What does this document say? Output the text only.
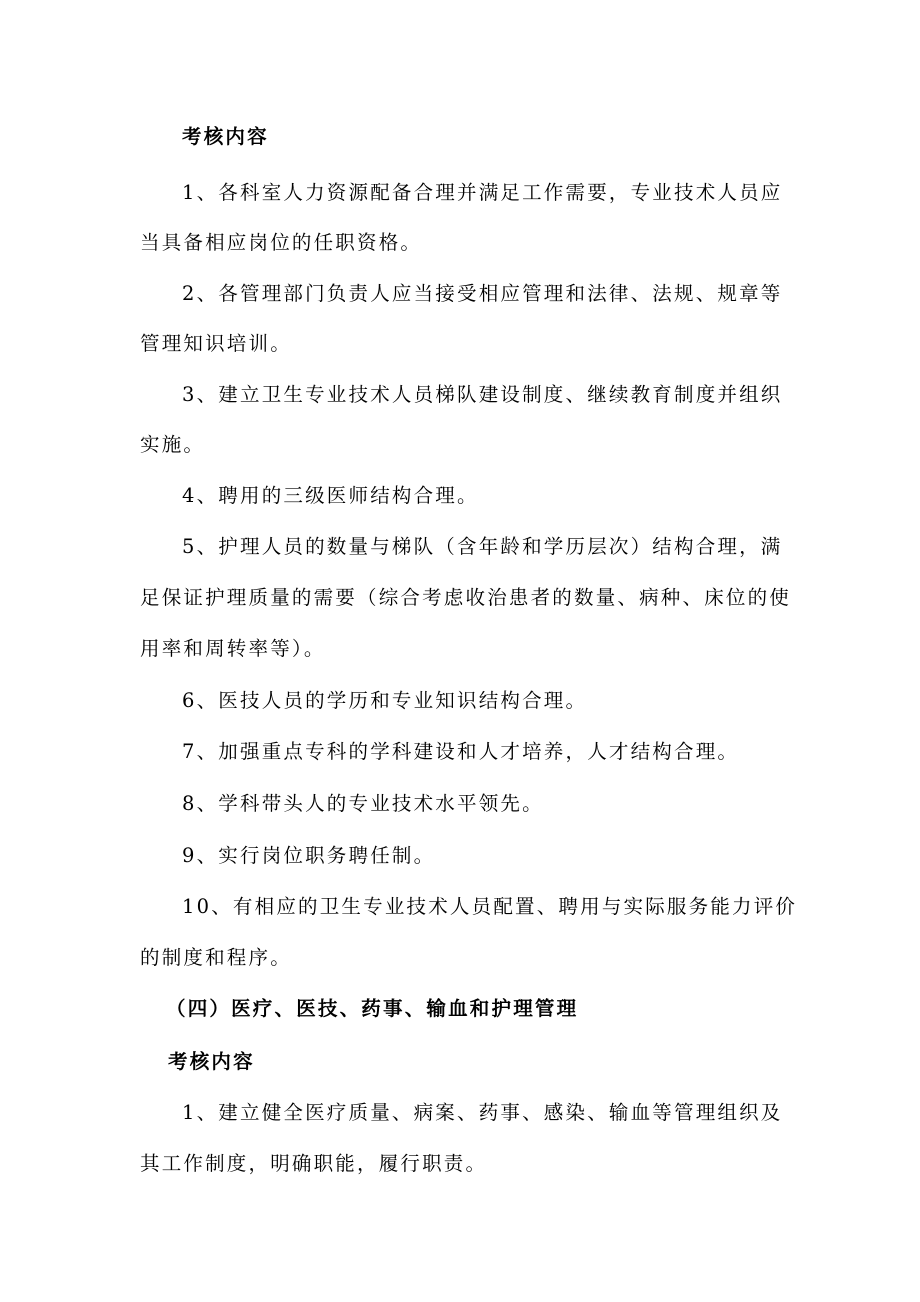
考核内容
1、各科室人力资源配备合理并满足工作需要，专业技术人员应
当具备相应岗位的任职资格。
2、各管理部门负责人应当接受相应管理和法律、法规、规章等
管理知识培训。
3、建立卫生专业技术人员梯队建设制度、继续教育制度并组织
实施。
4、聘用的三级医师结构合理。
5、护理人员的数量与梯队（含年龄和学历层次）结构合理，满
足保证护理质量的需要（综合考虑收治患者的数量、病种、床位的使
用率和周转率等）。
6、医技人员的学历和专业知识结构合理。
7、加强重点专科的学科建设和人才培养，人才结构合理。
8、学科带头人的专业技术水平领先。
9、实行岗位职务聘任制。
10、有相应的卫生专业技术人员配置、聘用与实际服务能力评价
的制度和程序。
（四）医疗、医技、药事、输血和护理管理
考核内容
1、建立健全医疗质量、病案、药事、感染、输血等管理组织及
其工作制度，明确职能，履行职责。
